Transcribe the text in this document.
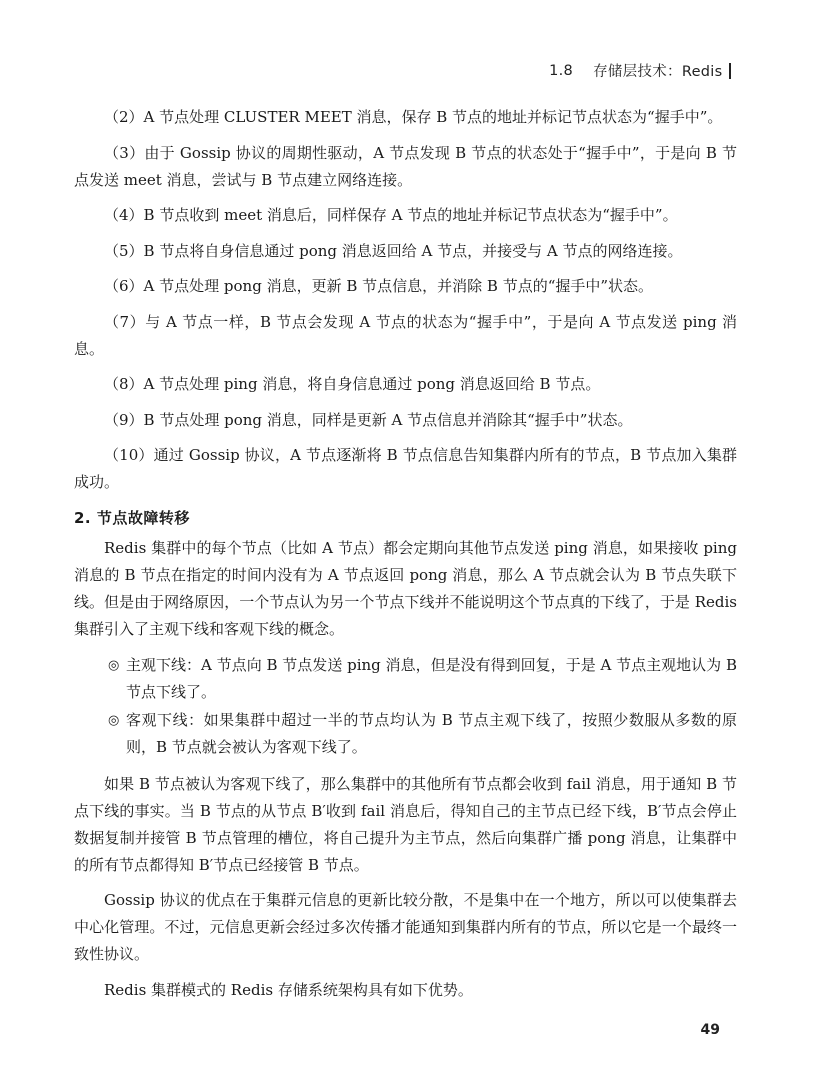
1.8 存储层技术：Redis

（2）A 节点处理 CLUSTER MEET 消息，保存 B 节点的地址并标记节点状态为“握手中”。

（3）由于 Gossip 协议的周期性驱动，A 节点发现 B 节点的状态处于“握手中”，于是向 B 节点发送 meet 消息，尝试与 B 节点建立网络连接。

（4）B 节点收到 meet 消息后，同样保存 A 节点的地址并标记节点状态为“握手中”。

（5）B 节点将自身信息通过 pong 消息返回给 A 节点，并接受与 A 节点的网络连接。

（6）A 节点处理 pong 消息，更新 B 节点信息，并消除 B 节点的“握手中”状态。

（7）与 A 节点一样，B 节点会发现 A 节点的状态为“握手中”，于是向 A 节点发送 ping 消息。

（8）A 节点处理 ping 消息，将自身信息通过 pong 消息返回给 B 节点。

（9）B 节点处理 pong 消息，同样是更新 A 节点信息并消除其“握手中”状态。

（10）通过 Gossip 协议，A 节点逐渐将 B 节点信息告知集群内所有的节点，B 节点加入集群成功。

2. 节点故障转移

Redis 集群中的每个节点（比如 A 节点）都会定期向其他节点发送 ping 消息，如果接收 ping 消息的 B 节点在指定的时间内没有为 A 节点返回 pong 消息，那么 A 节点就会认为 B 节点失联下线。但是由于网络原因，一个节点认为另一个节点下线并不能说明这个节点真的下线了，于是 Redis 集群引入了主观下线和客观下线的概念。

◎ 主观下线：A 节点向 B 节点发送 ping 消息，但是没有得到回复，于是 A 节点主观地认为 B 节点下线了。
◎ 客观下线：如果集群中超过一半的节点均认为 B 节点主观下线了，按照少数服从多数的原则，B 节点就会被认为客观下线了。

如果 B 节点被认为客观下线了，那么集群中的其他所有节点都会收到 fail 消息，用于通知 B 节点下线的事实。当 B 节点的从节点 B′收到 fail 消息后，得知自己的主节点已经下线，B′节点会停止数据复制并接管 B 节点管理的槽位，将自己提升为主节点，然后向集群广播 pong 消息，让集群中的所有节点都得知 B′节点已经接管 B 节点。

Gossip 协议的优点在于集群元信息的更新比较分散，不是集中在一个地方，所以可以使集群去中心化管理。不过，元信息更新会经过多次传播才能通知到集群内所有的节点，所以它是一个最终一致性协议。

Redis 集群模式的 Redis 存储系统架构具有如下优势。

49
